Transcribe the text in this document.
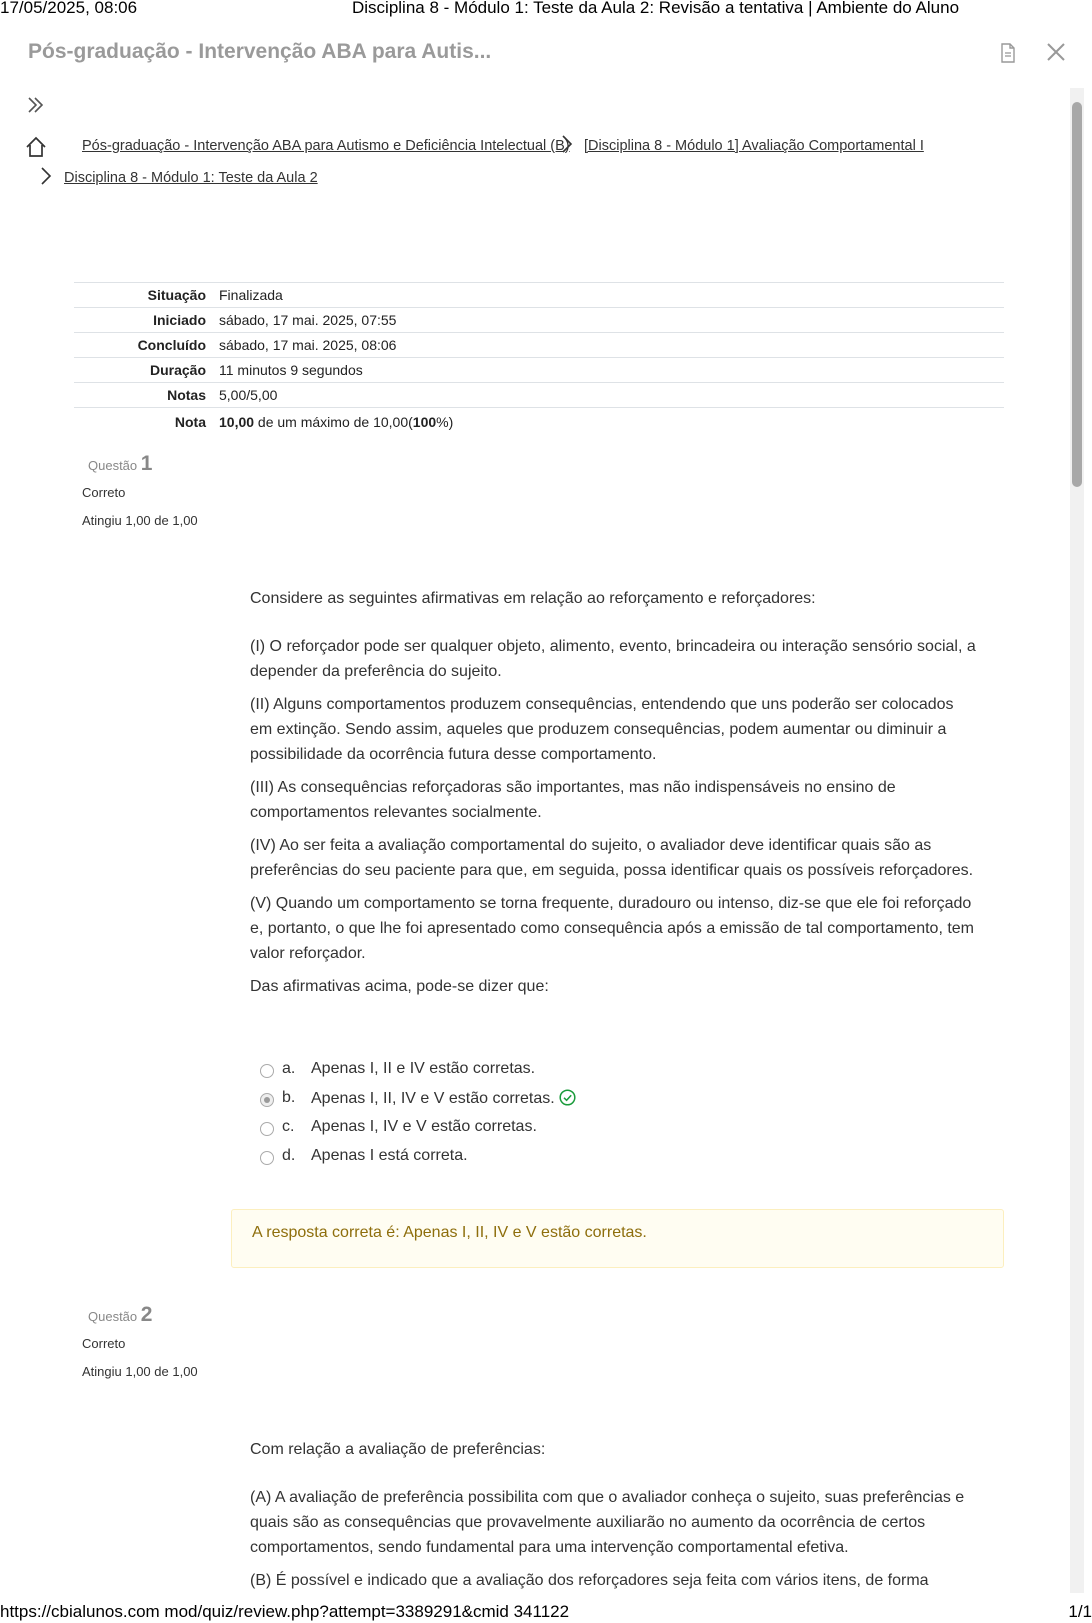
17/05/2025, 08:06	Disciplina 8 - Módulo 1: Teste da Aula 2: Revisão a tentativa | Ambiente do Aluno
Pós-graduação - Intervenção ABA para Autis...
Pós-graduação - Intervenção ABA para Autismo e Deficiência Intelectual (B) [Disciplina 8 - Módulo 1] Avaliação Comportamental I
Disciplina 8 - Módulo 1: Teste da Aula 2
Situação Finalizada
Iniciado sábado, 17 mai. 2025, 07:55
Concluído sábado, 17 mai. 2025, 08:06
Duração 11 minutos 9 segundos
Notas 5,00/5,00
Nota 10,00 de um máximo de 10,00(100%)
Questão 1
Correto
Atingiu 1,00 de 1,00

Considere as seguintes afirmativas em relação ao reforçamento e reforçadores:

(I) O reforçador pode ser qualquer objeto, alimento, evento, brincadeira ou interação sensório social, a depender da preferência do sujeito.

(II) Alguns comportamentos produzem consequências, entendendo que uns poderão ser colocados em extinção. Sendo assim, aqueles que produzem consequências, podem aumentar ou diminuir a possibilidade da ocorrência futura desse comportamento.

(III) As consequências reforçadoras são importantes, mas não indispensáveis no ensino de comportamentos relevantes socialmente.

(IV) Ao ser feita a avaliação comportamental do sujeito, o avaliador deve identificar quais são as preferências do seu paciente para que, em seguida, possa identificar quais os possíveis reforçadores.

(V) Quando um comportamento se torna frequente, duradouro ou intenso, diz-se que ele foi reforçado e, portanto, o que lhe foi apresentado como consequência após a emissão de tal comportamento, tem valor reforçador.

Das afirmativas acima, pode-se dizer que:

a. Apenas I, II e IV estão corretas.
b. Apenas I, II, IV e V estão corretas.
c. Apenas I, IV e V estão corretas.
d. Apenas I está correta.
A resposta correta é: Apenas I, II, IV e V estão corretas.
Questão 2
Correto
Atingiu 1,00 de 1,00

Com relação a avaliação de preferências:

(A) A avaliação de preferência possibilita com que o avaliador conheça o sujeito, suas preferências e quais são as consequências que provavelmente auxiliarão no aumento da ocorrência de certos comportamentos, sendo fundamental para uma intervenção comportamental efetiva.

(B) É possível e indicado que a avaliação dos reforçadores seja feita com vários itens, de forma

https://cbialunos.com mod/quiz/review.php?attempt=3389291&cmid 341122	1/1
